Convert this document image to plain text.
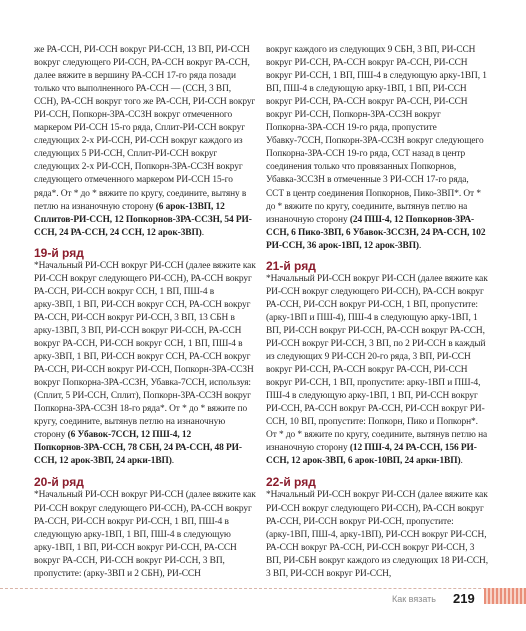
же РА-ССН, РИ-ССН вокруг РИ-ССН, 13 ВП, РИ-ССН вокруг следующего РИ-ССН, РА-ССН вокруг РА-ССН, далее вяжите в вершину РА-ССН 17-го ряда позади только что выполненного РА-ССН — (ССН, 3 ВП, ССН), РА-ССН вокруг того же РА-ССН, РИ-ССН вокруг РИ-ССН, Попкорн-3РА-ССЗН вокруг отмеченного маркером РИ-ССН 15-го ряда, Сплит-РИ-ССН вокруг следующих 2-х РИ-ССН, РИ-ССН вокруг каждого из следующих 5 РИ-ССН, Сплит-РИ-ССН вокруг следующих 2-х РИ-ССН, Попкорн-3РА-ССЗН вокруг следующего отмеченного маркером РИ-ССН 15-го ряда*. От * до * вяжите по кругу, соедините, вытяну в петлю на изнаночную сторону (6 арок-13ВП, 12 Сплитов-РИ-ССН, 12 Попкорнов-3РА-ССЗН, 54 РИ-ССН, 24 РА-ССН, 24 ССН, 12 арок-3ВП).

19-й ряд

*Начальный РИ-ССН вокруг РИ-ССН (далее вяжите как РИ-ССН вокруг следующего РИ-ССН), РА-ССН вокруг РА-ССН, РИ-ССН вокруг ССН, 1 ВП, ПШ-4 в арку-3ВП, 1 ВП, РИ-ССН вокруг ССН, РА-ССН вокруг РА-ССН, РИ-ССН вокруг РИ-ССН, 3 ВП, 13 СБН в арку-13ВП, 3 ВП, РИ-ССН вокруг РИ-ССН, РА-ССН вокруг РА-ССН, РИ-ССН вокруг ССН, 1 ВП, ПШ-4 в арку-3ВП, 1 ВП, РИ-ССН вокруг ССН, РА-ССН вокруг РА-ССН, РИ-ССН вокруг РИ-ССН, Попкорн-3РА-ССЗН вокруг Попкорна-3РА-ССЗН, Убавка-7ССН, используя: (Сплит, 5 РИ-ССН, Сплит), Попкорн-3РА-ССЗН вокруг Попкорна-3РА-ССЗН 18-го ряда*. От * до * вяжите по кругу, соедините, вытянув петлю на изнаночную сторону (6 Убавок-7ССН, 12 ПШ-4, 12 Попкорнов-3РА-ССН, 78 СБН, 24 РА-ССН, 48 РИ-ССН, 12 арок-3ВП, 24 арки-1ВП).

20-й ряд

*Начальный РИ-ССН вокруг РИ-ССН (далее вяжите как РИ-ССН вокруг следующего РИ-ССН), РА-ССН вокруг РА-ССН, РИ-ССН вокруг РИ-ССН, 1 ВП, ПШ-4 в следующую арку-1ВП, 1 ВП, ПШ-4 в следующую арку-1ВП, 1 ВП, РИ-ССН вокруг РИ-ССН, РА-ССН вокруг РА-ССН, РИ-ССН вокруг РИ-ССН, 3 ВП, пропустите: (арку-3ВП и 2 СБН), РИ-ССН

вокруг каждого из следующих 9 СБН, 3 ВП, РИ-ССН вокруг РИ-ССН, РА-ССН вокруг РА-ССН, РИ-ССН вокруг РИ-ССН, 1 ВП, ПШ-4 в следующую арку-1ВП, 1 ВП, ПШ-4 в следующую арку-1ВП, 1 ВП, РИ-ССН вокруг РИ-ССН, РА-ССН вокруг РА-ССН, РИ-ССН вокруг РИ-ССН, Попкорн-3РА-ССЗН вокруг Попкорна-3РА-ССН 19-го ряда, пропустите Убавку-7ССН, Попкорн-3РА-ССЗН вокруг следующего Попкорна-3РА-ССН 19-го ряда, ССТ назад в центр соединения только что провязанных Попкорнов, Убавка-3ССЗН в отмеченные 3 РИ-ССН 17-го ряда, ССТ в центр соединения Попкорнов, Пико-3ВП*. От * до * вяжите по кругу, соедините, вытянув петлю на изнаночную сторону (24 ПШ-4, 12 Попкорнов-3РА-ССН, 6 Пико-3ВП, 6 Убавок-3ССЗН, 24 РА-ССН, 102 РИ-ССН, 36 арок-1ВП, 12 арок-3ВП).

21-й ряд

*Начальный РИ-ССН вокруг РИ-ССН (далее вяжите как РИ-ССН вокруг следующего РИ-ССН), РА-ССН вокруг РА-ССН, РИ-ССН вокруг РИ-ССН, 1 ВП, пропустите: (арку-1ВП и ПШ-4), ПШ-4 в следующую арку-1ВП, 1 ВП, РИ-ССН вокруг РИ-ССН, РА-ССН вокруг РА-ССН, РИ-ССН вокруг РИ-ССН, 3 ВП, по 2 РИ-ССН в каждый из следующих 9 РИ-ССН 20-го ряда, 3 ВП, РИ-ССН вокруг РИ-ССН, РА-ССН вокруг РА-ССН, РИ-ССН вокруг РИ-ССН, 1 ВП, пропустите: арку-1ВП и ПШ-4, ПШ-4 в следующую арку-1ВП, 1 ВП, РИ-ССН вокруг РИ-ССН, РА-ССН вокруг РА-ССН, РИ-ССН вокруг РИ-ССН, 10 ВП, пропустите: Попкорн, Пико и Попкорн*. От * до * вяжите по кругу, соедините, вытянув петлю на изнаночную сторону (12 ПШ-4, 24 РА-ССН, 156 РИ-ССН, 12 арок-3ВП, 6 арок-10ВП, 24 арки-1ВП).

22-й ряд

*Начальный РИ-ССН вокруг РИ-ССН (далее вяжите как РИ-ССН вокруг следующего РИ-ССН), РА-ССН вокруг РА-ССН, РИ-ССН вокруг РИ-ССН, пропустите: (арку-1ВП, ПШ-4, арку-1ВП), РИ-ССН вокруг РИ-ССН, РА-ССН вокруг РА-ССН, РИ-ССН вокруг РИ-ССН, 3 ВП, РИ-СБН вокруг каждого из следующих 18 РИ-ССН, 3 ВП, РИ-ССН вокруг РИ-ССН,

Как вязать 219
